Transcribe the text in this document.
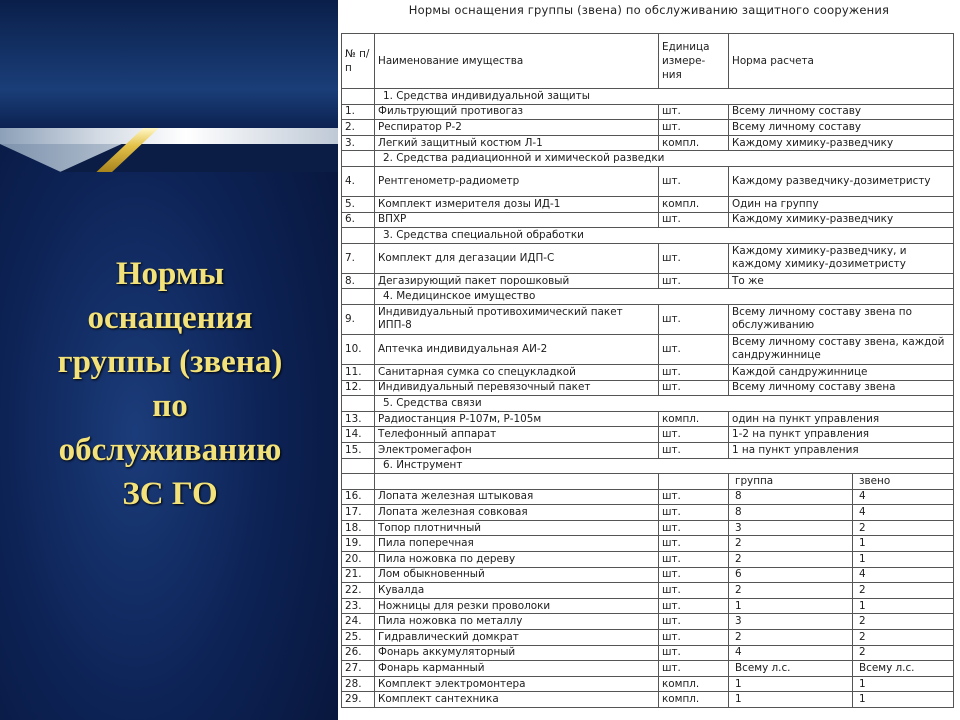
Нормы
оснащения
группы (звена)
по
обслуживанию
ЗС ГО
Нормы оснащения группы (звена) по обслуживанию защитного сооружения
№ п/п	Наименование имущества	Единица измере-ния	Норма расчета	
	1. Средства индивидуальной защиты			
1.	Фильтрующий противогаз	шт.	Всему личному составу	
2.	Респиратор Р-2	шт.	Всему личному составу	
3.	Легкий защитный костюм Л-1	компл.	Каждому химику-разведчику	
	2. Средства радиационной и химической разведки			
4.	Рентгенометр-радиометр	шт.	Каждому разведчику-дозиметристу	
5.	Комплект измерителя дозы ИД-1	компл.	Один на группу	
6.	ВПХР	шт.	Каждому химику-разведчику	
	3. Средства специальной обработки			
7.	Комплект для дегазации ИДП-С	шт.	Каждому химику-разведчику, и каждому химику-дозиметристу	
8.	Дегазирующий пакет порошковый	шт.	То же	
	4. Медицинское имущество			
9.	Индивидуальный противохимический пакет ИПП-8	шт.	Всему личному составу звена по обслуживанию	
10.	Аптечка индивидуальная АИ-2	шт.	Всему личному составу звена, каждой сандружиннице	
11.	Санитарная сумка со спецукладкой	шт.	Каждой сандружиннице	
12.	Индивидуальный перевязочный пакет	шт.	Всему личному составу звена	
	5. Средства связи			
13.	Радиостанция Р-107м, Р-105м	компл.	один на пункт управления	
14.	Телефонный аппарат	шт.	1-2 на пункт управления	
15.	Электромегафон	шт.	1 на пункт управления	
	6. Инструмент			
			группа	звено
16.	Лопата железная штыковая	шт.	8	4
17.	Лопата железная совковая	шт.	8	4
18.	Топор плотничный	шт.	3	2
19.	Пила поперечная	шт.	2	1
20.	Пила ножовка по дереву	шт.	2	1
21.	Лом обыкновенный	шт.	6	4
22.	Кувалда	шт.	2	2
23.	Ножницы для резки проволоки	шт.	1	1
24.	Пила ножовка по металлу	шт.	3	2
25.	Гидравлический домкрат	шт.	2	2
26.	Фонарь аккумуляторный	шт.	4	2
27.	Фонарь карманный	шт.	Всему л.с.	Всему л.с.
28.	Комплект электромонтера	компл.	1	1
29.	Комплект сантехника	компл.	1	1
